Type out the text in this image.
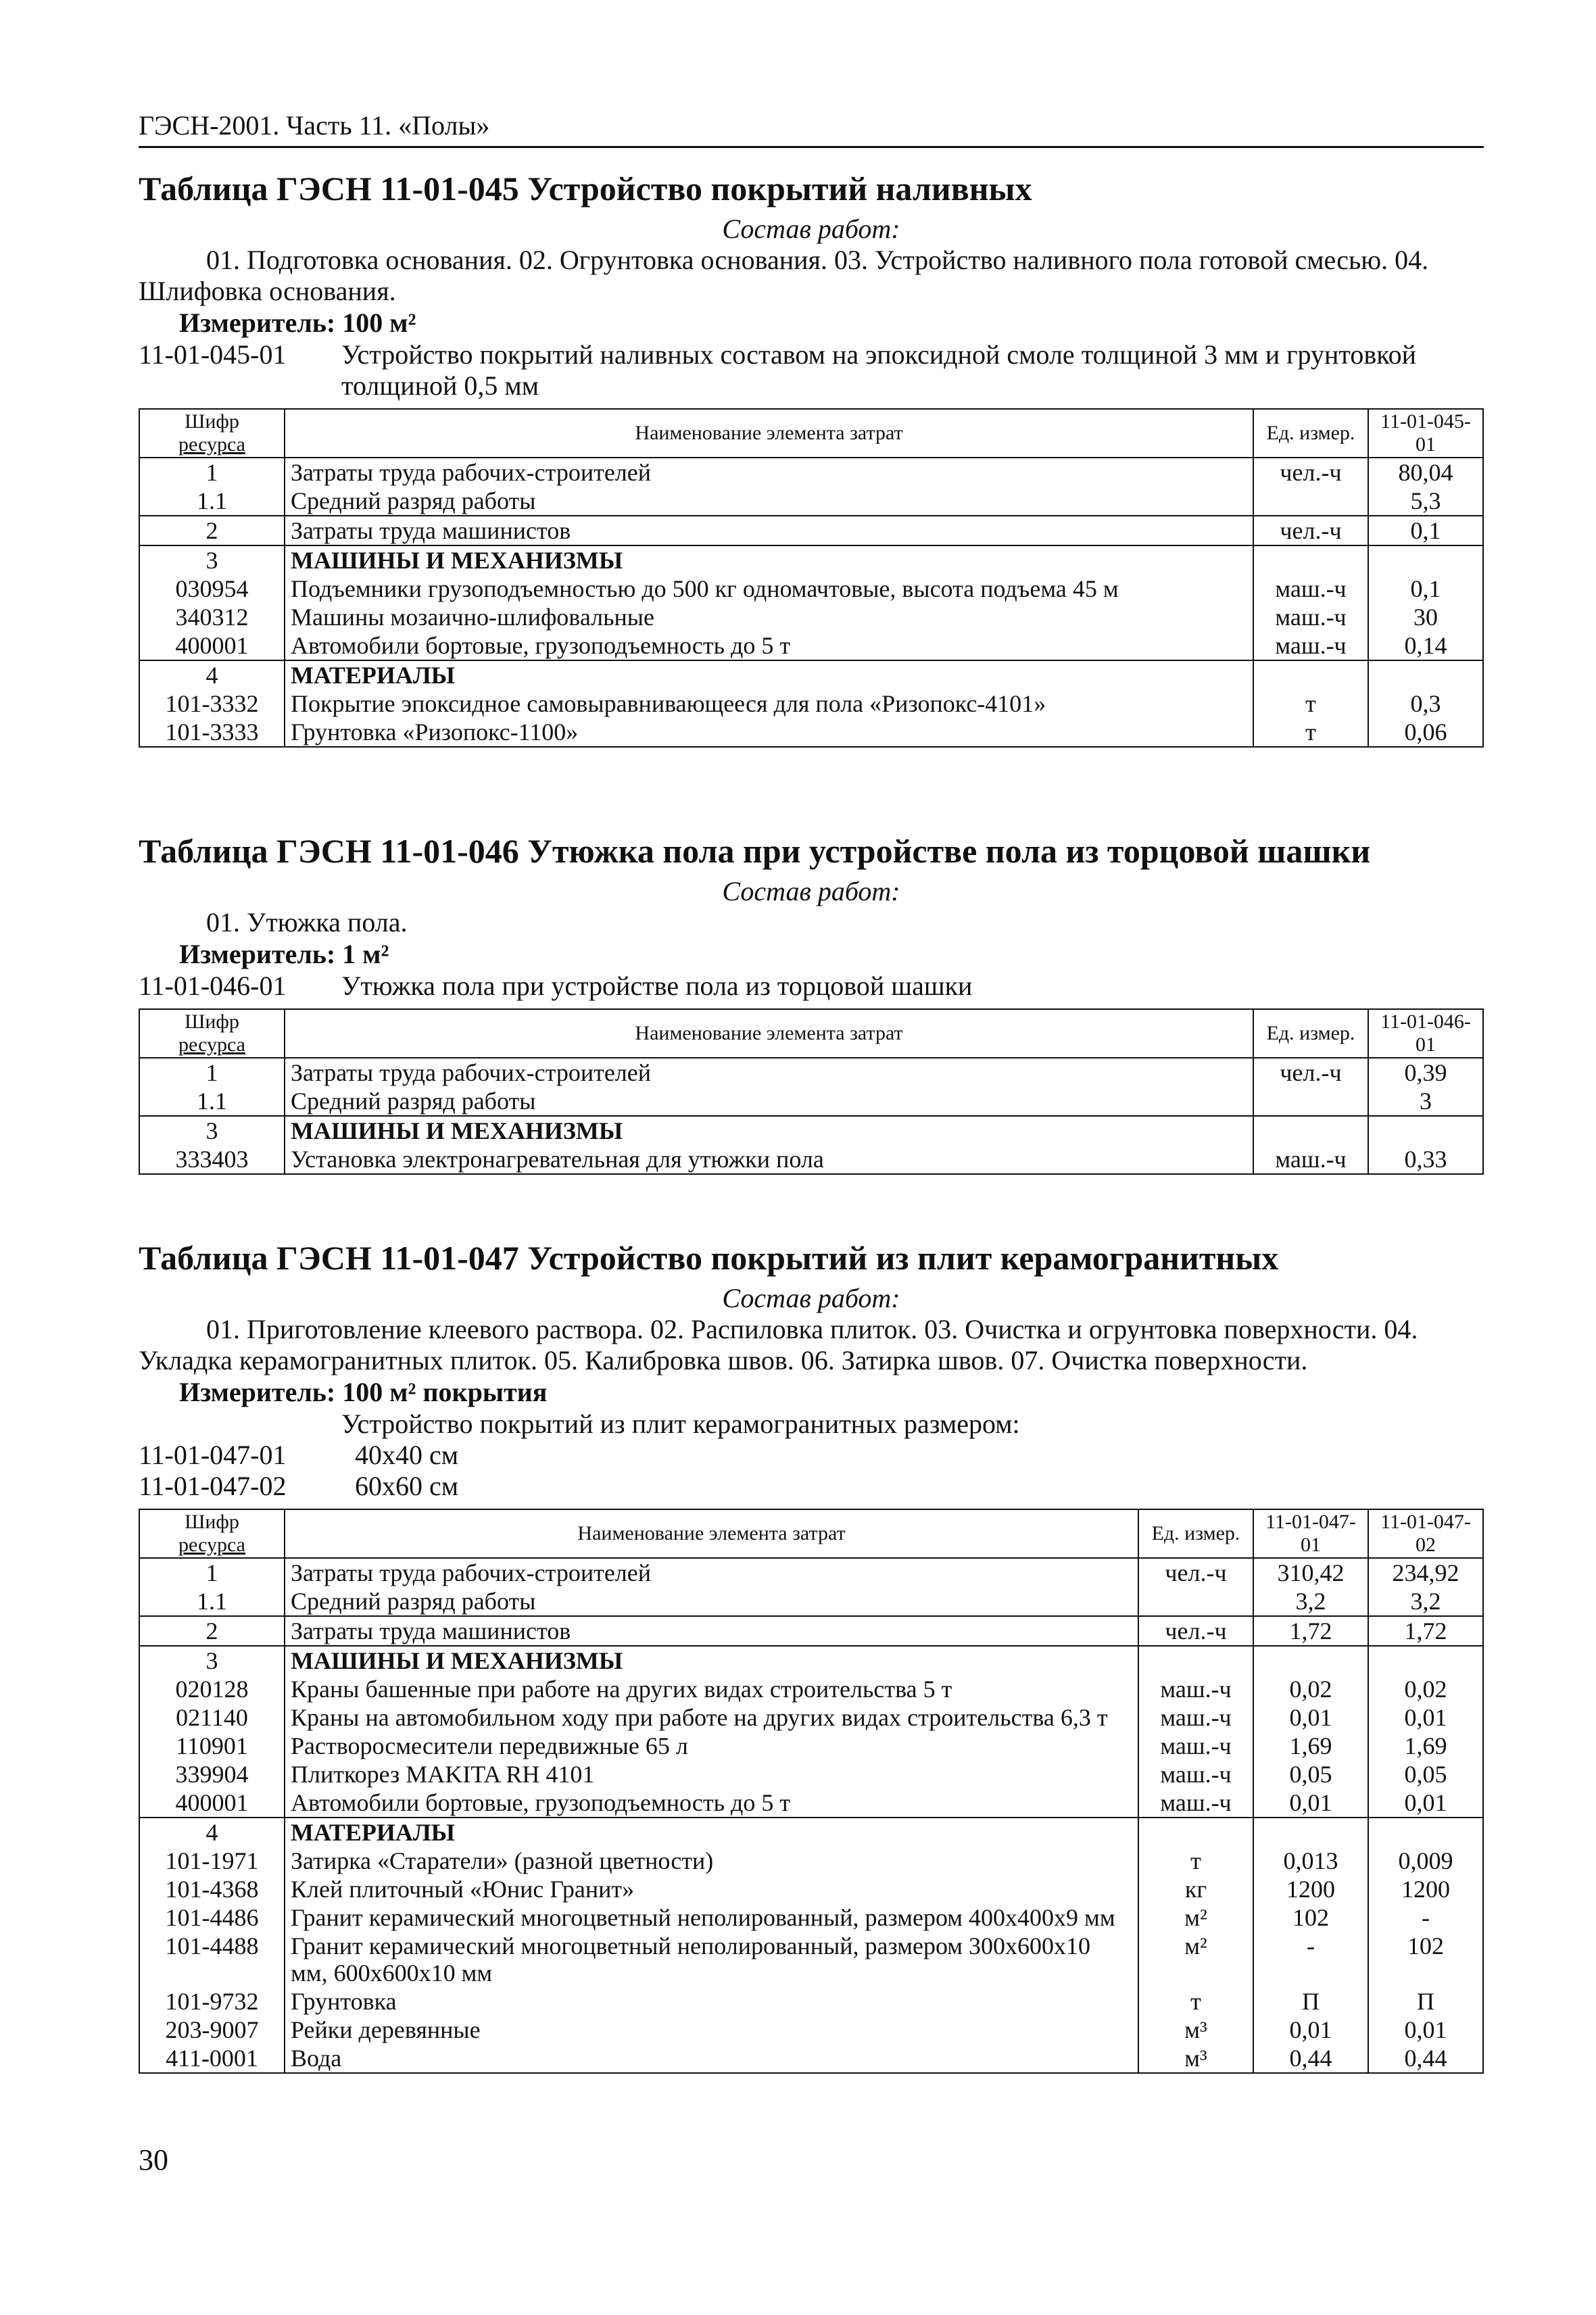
ГЭСН-2001. Часть 11. «Полы»

Таблица ГЭСН 11-01-045 Устройство покрытий наливных

Состав работ:

01. Подготовка основания. 02. Огрунтовка основания. 03. Устройство наливного пола готовой смесью. 04. Шлифовка основания.

Измеритель: 100 м²

11-01-045-01	Устройство покрытий наливных составом на эпоксидной смоле толщиной 3 мм и грунтовкой толщиной 0,5 мм
Шифр
ресурса	Наименование элемента затрат	Ед. измер.	11-01-045-01
1	Затраты труда рабочих-строителей	чел.-ч	80,04
1.1	Средний разряд работы		5,3
2	Затраты труда машинистов	чел.-ч	0,1
3	МАШИНЫ И МЕХАНИЗМЫ		
030954	Подъемники грузоподъемностью до 500 кг одномачтовые, высота подъема 45 м	маш.-ч	0,1
340312	Машины мозаично-шлифовальные	маш.-ч	30
400001	Автомобили бортовые, грузоподъемность до 5 т	маш.-ч	0,14
4	МАТЕРИАЛЫ		
101-3332	Покрытие эпоксидное самовыравнивающееся для пола «Ризопокс-4101»	т	0,3
101-3333	Грунтовка «Ризопокс-1100»	т	0,06

Таблица ГЭСН 11-01-046 Утюжка пола при устройстве пола из торцовой шашки

Состав работ:

01. Утюжка пола.

Измеритель: 1 м²

11-01-046-01	Утюжка пола при устройстве пола из торцовой шашки
Шифр
ресурса	Наименование элемента затрат	Ед. измер.	11-01-046-01
1	Затраты труда рабочих-строителей	чел.-ч	0,39
1.1	Средний разряд работы		3
3	МАШИНЫ И МЕХАНИЗМЫ		
333403	Установка электронагревательная для утюжки пола	маш.-ч	0,33

Таблица ГЭСН 11-01-047 Устройство покрытий из плит керамогранитных

Состав работ:

01. Приготовление клеевого раствора. 02. Распиловка плиток. 03. Очистка и огрунтовка поверхности. 04. Укладка керамогранитных плиток. 05. Калибровка швов. 06. Затирка швов. 07. Очистка поверхности.

Измеритель: 100 м² покрытия

Устройство покрытий из плит керамогранитных размером:

11-01-047-01	40x40 см
11-01-047-02	60x60 см
Шифр
ресурса	Наименование элемента затрат	Ед. измер.	11-01-047-01	11-01-047-02
1	Затраты труда рабочих-строителей	чел.-ч	310,42	234,92
1.1	Средний разряд работы		3,2	3,2
2	Затраты труда машинистов	чел.-ч	1,72	1,72
3	МАШИНЫ И МЕХАНИЗМЫ			
020128	Краны башенные при работе на других видах строительства 5 т	маш.-ч	0,02	0,02
021140	Краны на автомобильном ходу при работе на других видах строительства 6,3 т	маш.-ч	0,01	0,01
110901	Растворосмесители передвижные 65 л	маш.-ч	1,69	1,69
339904	Плиткорез MAKITA RH 4101	маш.-ч	0,05	0,05
400001	Автомобили бортовые, грузоподъемность до 5 т	маш.-ч	0,01	0,01
4	МАТЕРИАЛЫ			
101-1971	Затирка «Старатели» (разной цветности)	т	0,013	0,009
101-4368	Клей плиточный «Юнис Гранит»	кг	1200	1200
101-4486	Гранит керамический многоцветный неполированный, размером 400x400x9 мм	м²	102	-
101-4488	Гранит керамический многоцветный неполированный, размером 300x600x10 мм, 600x600x10 мм	м²	-	102
101-9732	Грунтовка	т	П	П
203-9007	Рейки деревянные	м³	0,01	0,01
411-0001	Вода	м³	0,44	0,44
30
